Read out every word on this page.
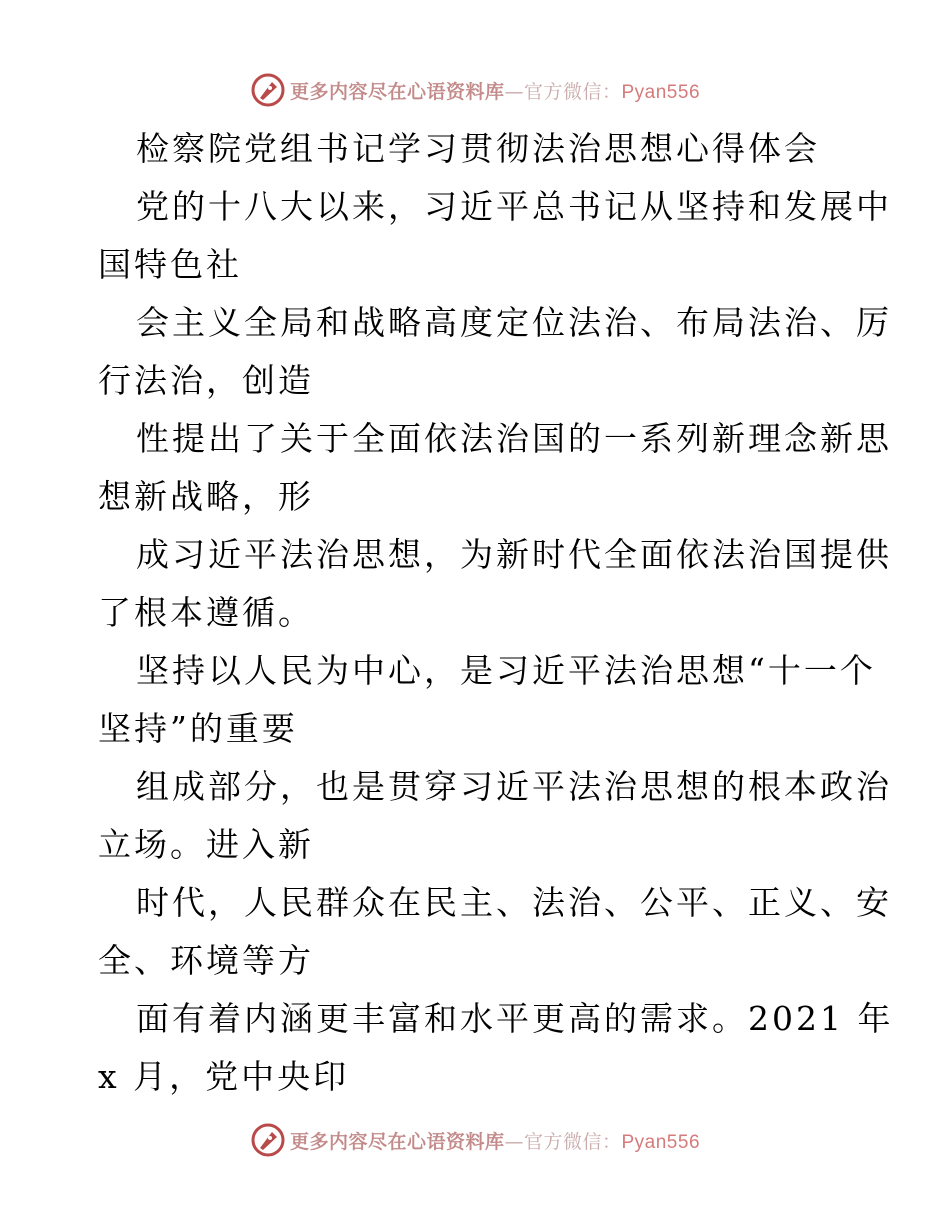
更多内容尽在心语资料库—官方微信：Pyan556
检察院党组书记学习贯彻法治思想心得体会
党的十八大以来，习近平总书记从坚持和发展中
国特色社
会主义全局和战略高度定位法治、布局法治、厉
行法治，创造
性提出了关于全面依法治国的一系列新理念新思
想新战略，形
成习近平法治思想，为新时代全面依法治国提供
了根本遵循。
坚持以人民为中心，是习近平法治思想“十一个
坚持”的重要
组成部分，也是贯穿习近平法治思想的根本政治
立场。进入新
时代，人民群众在民主、法治、公平、正义、安
全、环境等方
面有着内涵更丰富和水平更高的需求。2021 年
x 月，党中央印
更多内容尽在心语资料库—官方微信：Pyan556
